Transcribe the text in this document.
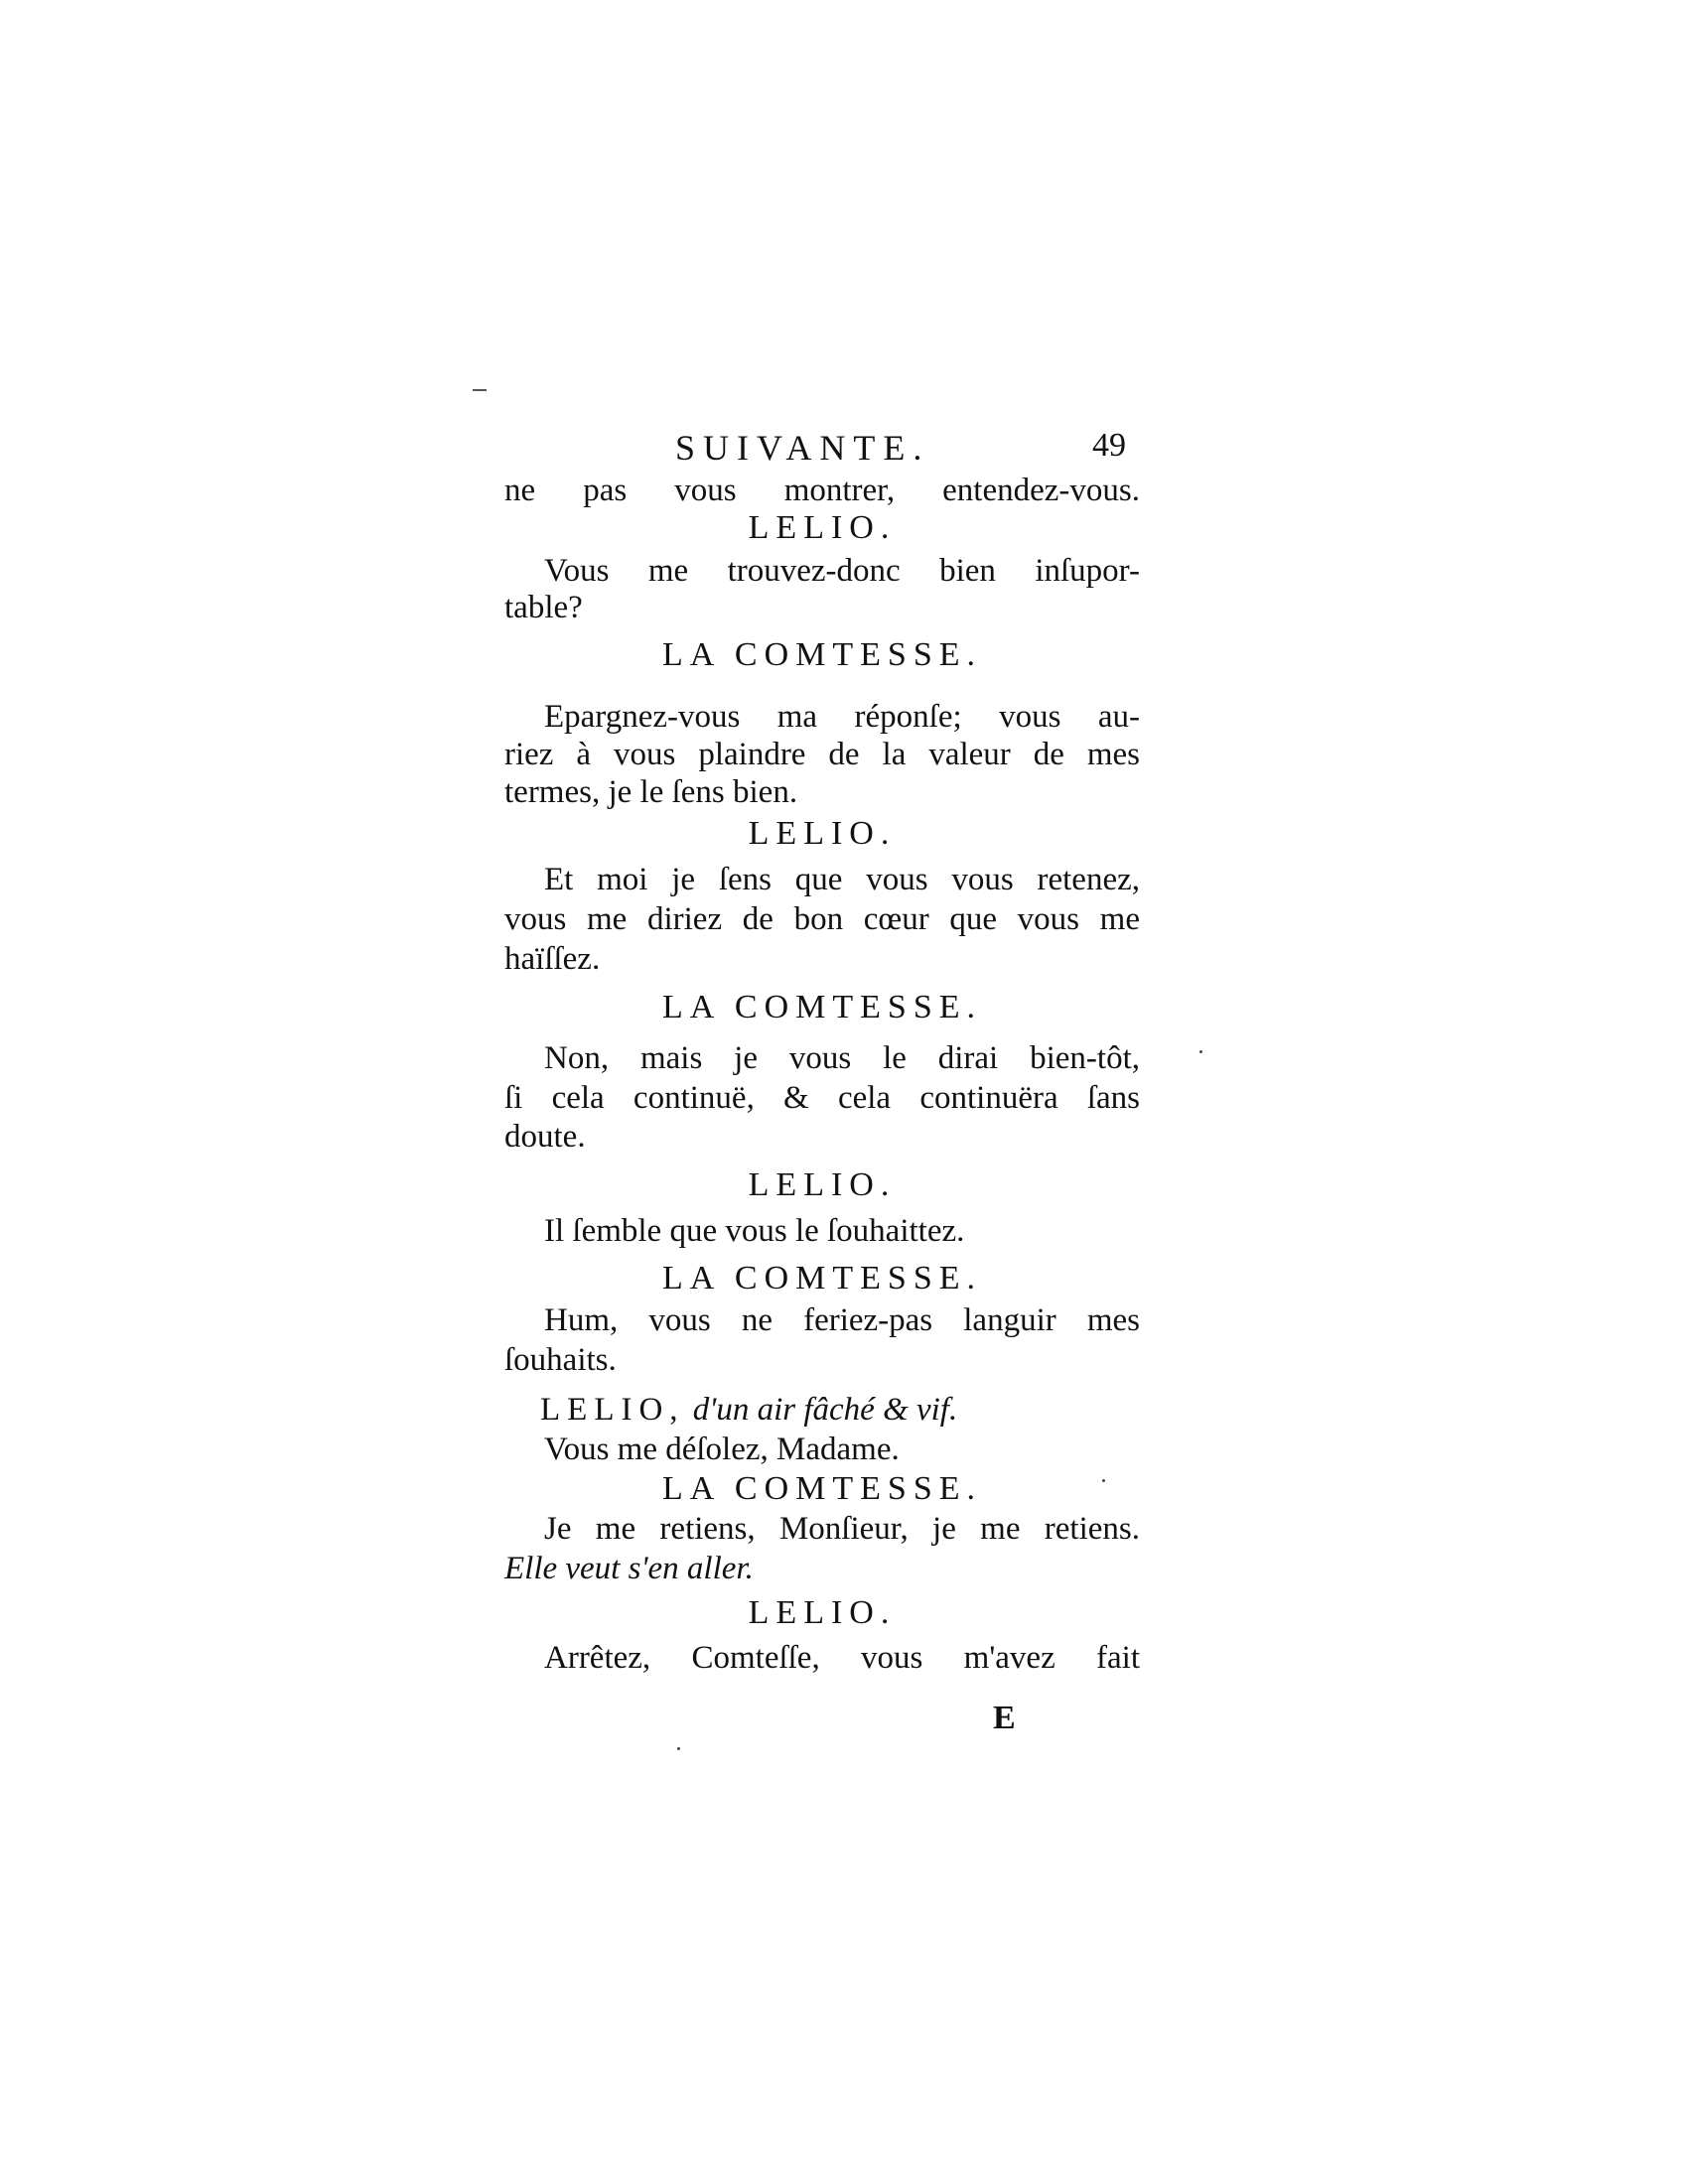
SUIVANTE.	49
ne pas vous montrer, entendez-vous.
LELIO.
Vous me trouvez-donc bien inſupor-
table?
LA COMTESSE.
Epargnez-vous ma réponſe; vous au-
riez à vous plaindre de la valeur de mes
termes, je le ſens bien.
LELIO.
Et moi je ſens que vous vous retenez,
vous me diriez de bon cœur que vous me
haïſſez.
LA COMTESSE.
Non, mais je vous le dirai bien-tôt,
ſi cela continuë, & cela continuëra ſans
doute.
LELIO.
Il ſemble que vous le ſouhaittez.
LA COMTESSE.
Hum, vous ne feriez-pas languir mes
ſouhaits.
LELIO, d'un air fâché & vif.
Vous me déſolez, Madame.
LA COMTESSE.
Je me retiens, Monſieur, je me retiens.
Elle veut s'en aller.
LELIO.
Arrêtez, Comteſſe, vous m'avez fait
E
